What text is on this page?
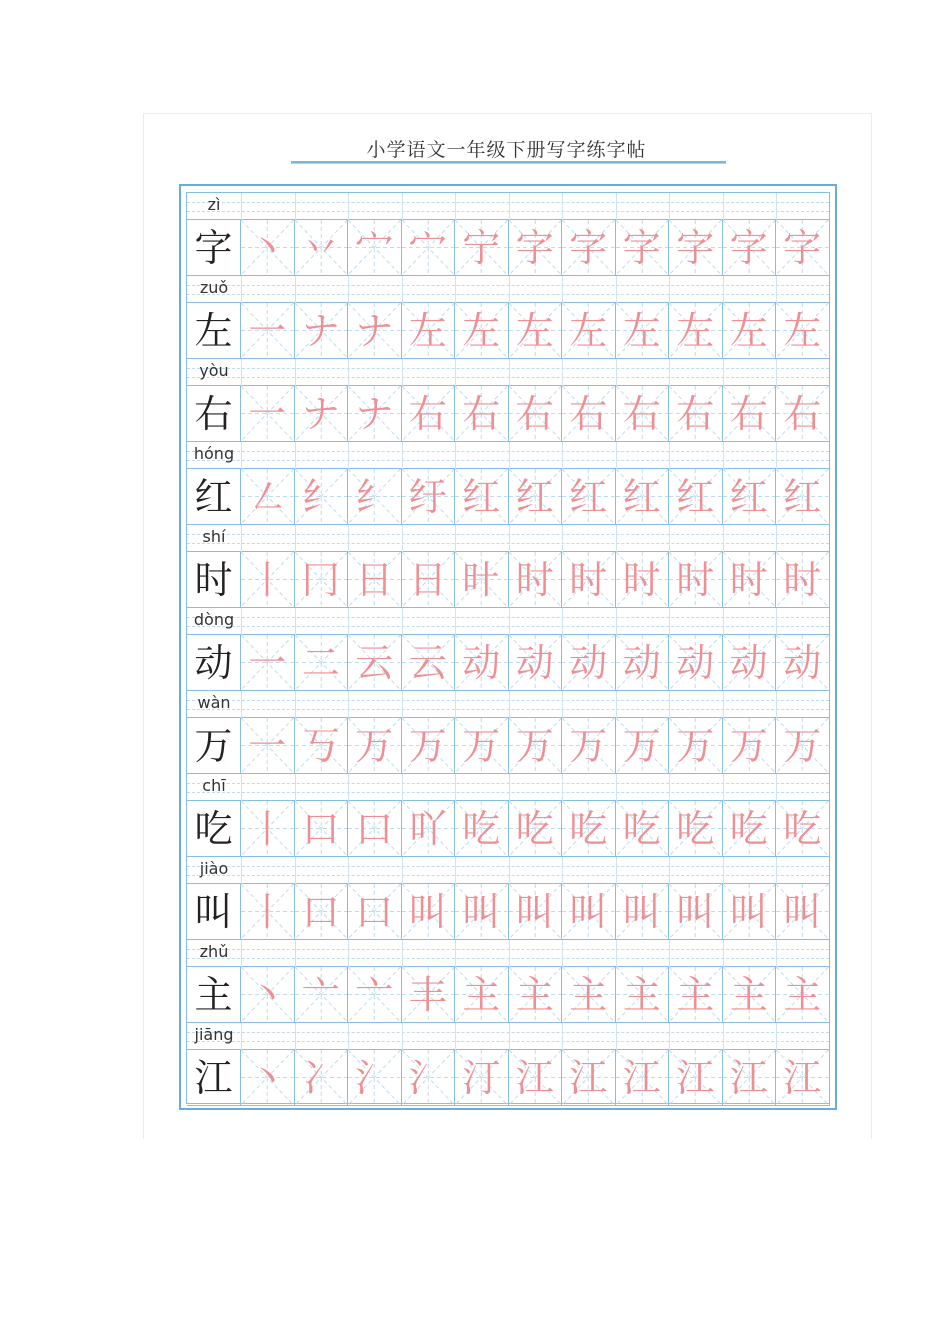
小学语文一年级下册写字练字帖
zì
字 丶 丷 宀 宀 宁 字 字 字 字 字 字
zuǒ
左 一 ナ ナ 左 左 左 左 左 左 左 左
yòu
右 一 ナ ナ 右 右 右 右 右 右 右 右
hóng
红 ㇜ 纟 纟 纡 红 红 红 红 红 红 红
shí
时 丨 冂 日 日 旪 时 时 时 时 时 时
dòng
动 一 二 云 云 动 动 动 动 动 动 动
wàn
万 一 丂 万 万 万 万 万 万 万 万 万
chī
吃 丨 口 口 吖 吃 吃 吃 吃 吃 吃 吃
jiào
叫 丨 口 口 叫 叫 叫 叫 叫 叫 叫 叫
zhǔ
主 丶 亠 亠 丰 主 主 主 主 主 主 主
jiāng
江 丶 冫 氵 氵 汀 江 江 江 江 江 江
